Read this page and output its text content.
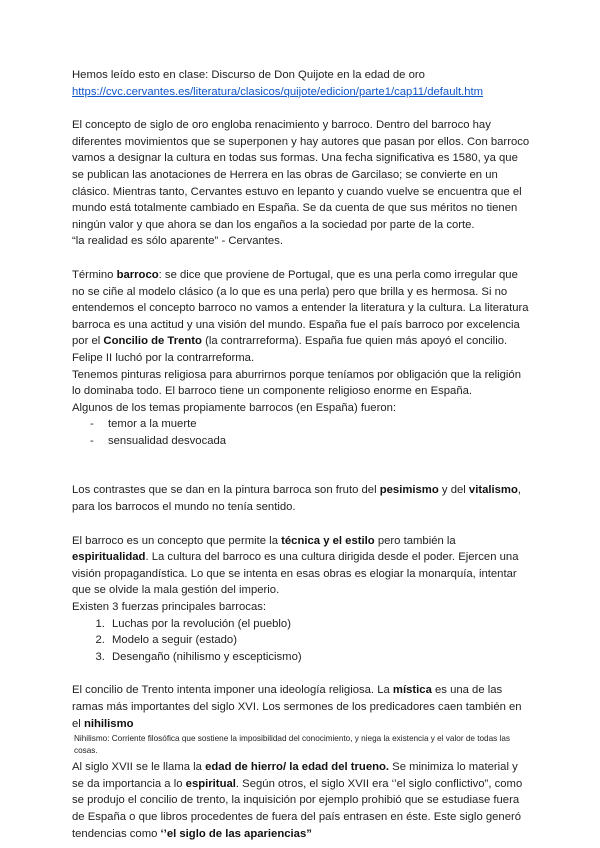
Hemos leído esto en clase: Discurso de Don Quijote en la edad de oro

https://cvc.cervantes.es/literatura/clasicos/quijote/edicion/parte1/cap11/default.htm

El concepto de siglo de oro engloba renacimiento y barroco. Dentro del barroco hay diferentes movimientos que se superponen y hay autores que pasan por ellos. Con barroco vamos a designar la cultura en todas sus formas. Una fecha significativa es 1580, ya que se publican las anotaciones de Herrera en las obras de Garcilaso; se convierte en un clásico. Mientras tanto, Cervantes estuvo en lepanto y cuando vuelve se encuentra que el mundo está totalmente cambiado en España. Se da cuenta de que sus méritos no tienen ningún valor y que ahora se dan los engaños a la sociedad por parte de la corte.

“la realidad es sólo aparente” - Cervantes.

Término barroco: se dice que proviene de Portugal, que es una perla como irregular que no se ciñe al modelo clásico (a lo que es una perla) pero que brilla y es hermosa. Si no entendemos el concepto barroco no vamos a entender la literatura y la cultura. La literatura barroca es una actitud y una visión del mundo. España fue el país barroco por excelencia por el Concilio de Trento (la contrarreforma). España fue quien más apoyó el concilio.

Felipe II luchó por la contrarreforma.

Tenemos pinturas religiosa para aburrirnos porque teníamos por obligación que la religión lo dominaba todo. El barroco tiene un componente religioso enorme en España.

Algunos de los temas propiamente barrocos (en España) fueron:

- temor a la muerte
- sensualidad desvocada

Los contrastes que se dan en la pintura barroca son fruto del pesimismo y del vitalismo, para los barrocos el mundo no tenía sentido.

El barroco es un concepto que permite la técnica y el estilo pero también la espiritualidad. La cultura del barroco es una cultura dirigida desde el poder. Ejercen una visión propagandística. Lo que se intenta en esas obras es elogiar la monarquía, intentar que se olvide la mala gestión del imperio.

Existen 3 fuerzas principales barrocas:

1. Luchas por la revolución (el pueblo)
2. Modelo a seguir (estado)
3. Desengaño (nihilismo y escepticismo)

El concilio de Trento intenta imponer una ideología religiosa. La mística es una de las ramas más importantes del siglo XVI. Los sermones de los predicadores caen también en el nihilismo

Nihilismo: Corriente filosófica que sostiene la imposibilidad del conocimiento, y niega la existencia y el valor de todas las cosas.

Al siglo XVII se le llama la edad de hierro/ la edad del trueno. Se minimiza lo material y se da importancia a lo espiritual. Según otros, el siglo XVII era ‘’el siglo conflictivo”, como se produjo el concilio de trento, la inquisición por ejemplo prohibió que se estudiase fuera de España o que libros procedentes de fuera del país entrasen en éste. Este siglo generó tendencias como ‘’el siglo de las apariencias”
